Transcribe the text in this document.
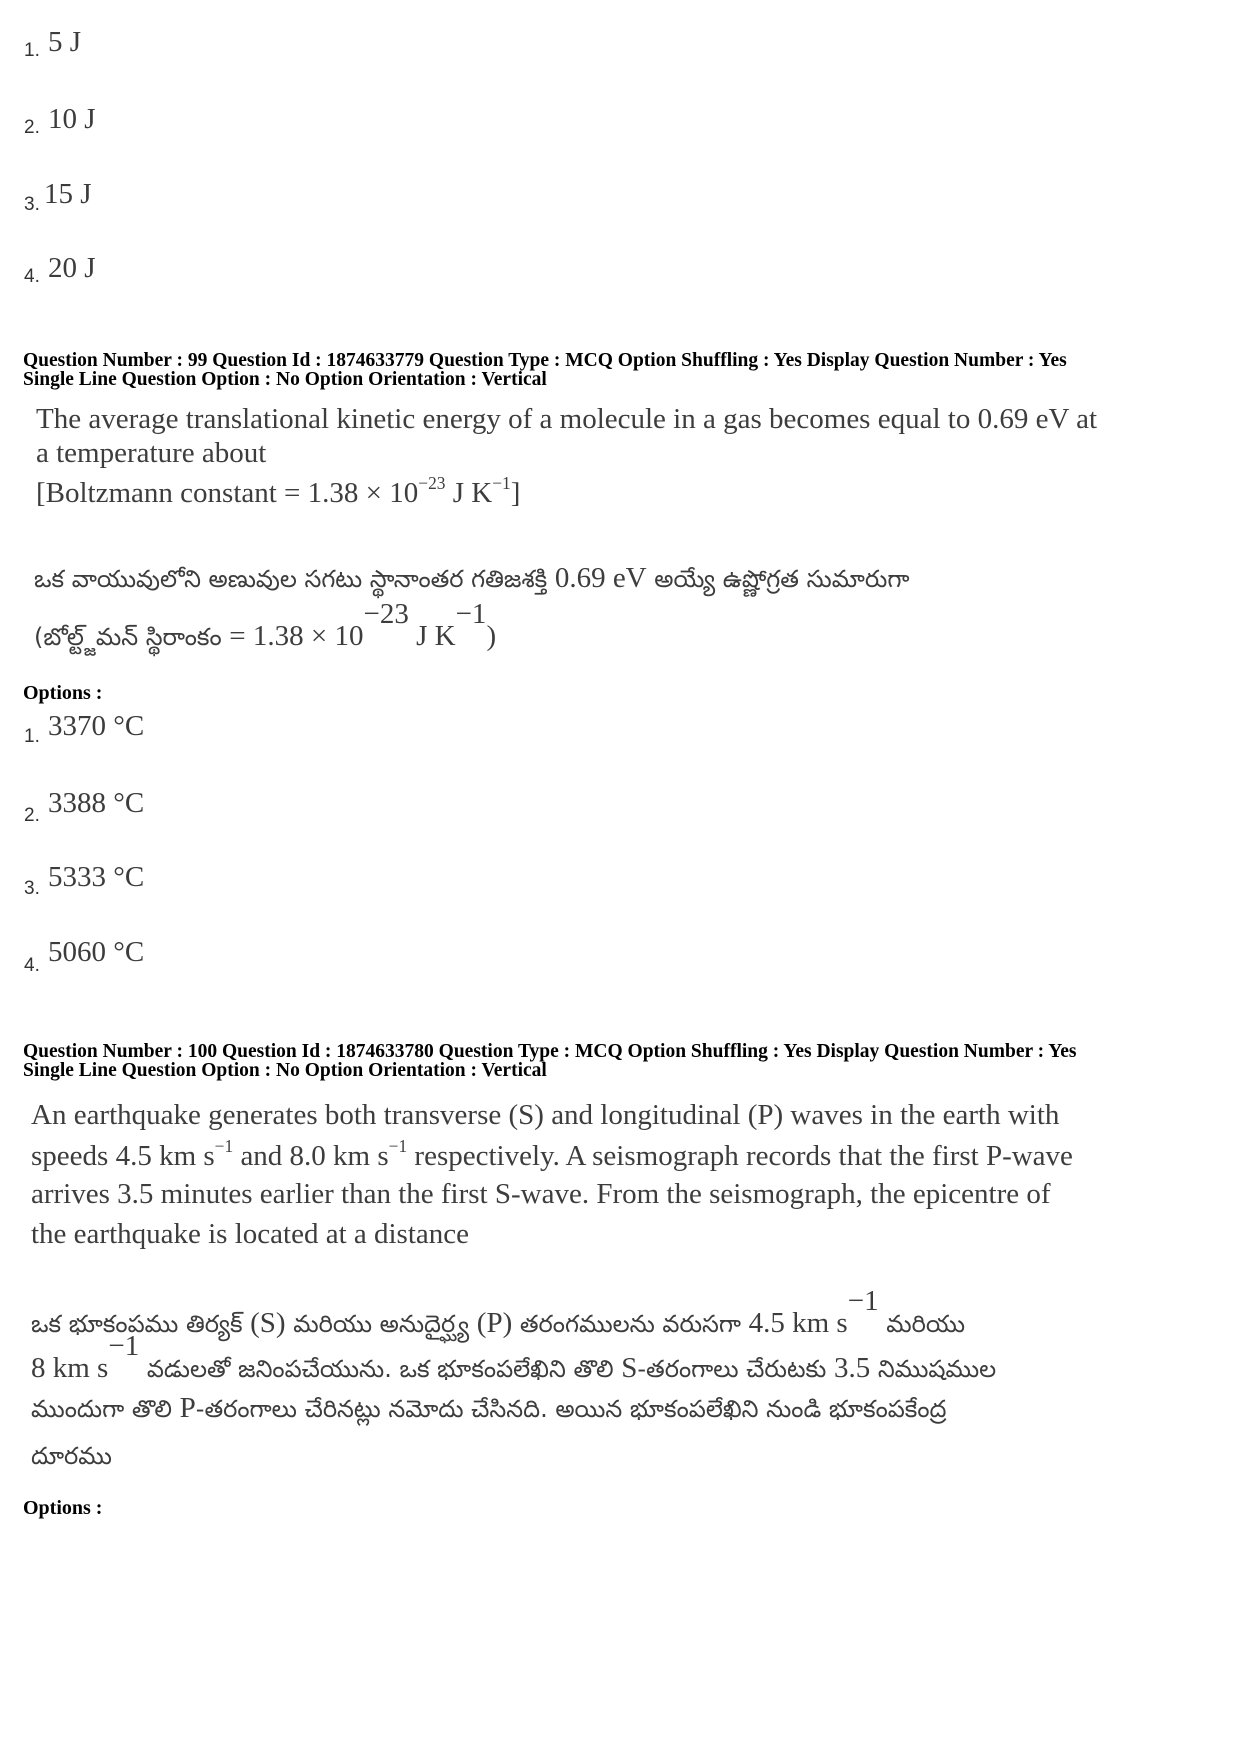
1. 5 J
2. 10 J
3. 15 J
4. 20 J
Question Number : 99 Question Id : 1874633779 Question Type : MCQ Option Shuffling : Yes Display Question Number : Yes
Single Line Question Option : No Option Orientation : Vertical
The average translational kinetic energy of a molecule in a gas becomes equal to 0.69 eV at
a temperature about
[Boltzmann constant = $1.38 \times 10^{-23}$ J $K^{-1}$]
ఒక వాయువులోని అణువుల సగటు స్థానాంతర గతిజశక్తి 0.69 eV అయ్యే ఉష్ణోగ్రత సుమారుగా
(బోల్ట్జ్‌మన్ స్థిరాంకం = $1.38 \times 10^{-23}$ J $K^{-1}$)
Options :
1. 3370 °C
2. 3388 °C
3. 5333 °C
4. 5060 °C
Question Number : 100 Question Id : 1874633780 Question Type : MCQ Option Shuffling : Yes Display Question Number : Yes
Single Line Question Option : No Option Orientation : Vertical
An earthquake generates both transverse (S) and longitudinal (P) waves in the earth with
speeds 4.5 km $s^{-1}$ and 8.0 km $s^{-1}$ respectively. A seismograph records that the first P-wave
arrives 3.5 minutes earlier than the first S-wave. From the seismograph, the epicentre of
the earthquake is located at a distance
ఒక భూకంపము తిర్యక్ (S) మరియు అనుదైర్ఘ్య (P) తరంగములను వరుసగా 4.5 km $s^{-1}$ మరియు
8 km $s^{-1}$ వడులతో జనింపచేయును. ఒక భూకంపలేఖిని తొలి S-తరంగాలు చేరుటకు 3.5 నిముషముల
ముందుగా తొలి P-తరంగాలు చేరినట్లు నమోదు చేసినది. అయిన భూకంపలేఖిని నుండి భూకంపకేంద్ర
దూరము
Options :
